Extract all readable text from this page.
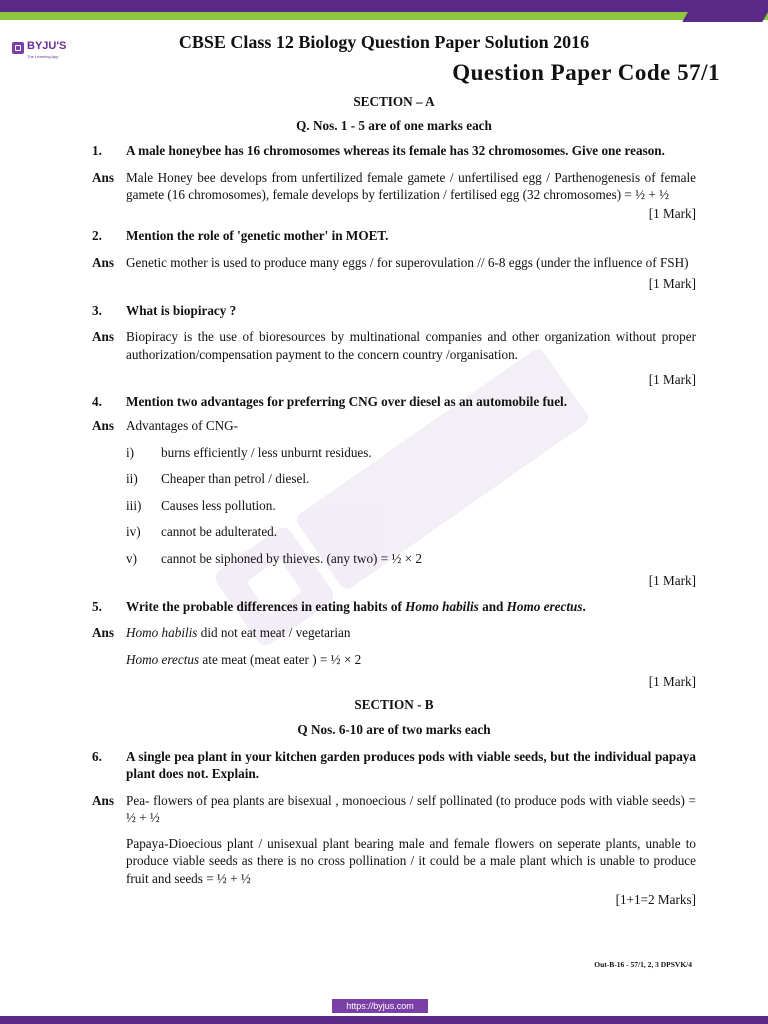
BYJU'S
The Learning App
CBSE Class 12 Biology Question Paper Solution 2016
Question Paper Code 57/1
SECTION – A
Q. Nos. 1 - 5 are of one marks each
1.	A male honeybee has 16 chromosomes whereas its female has 32 chromosomes. Give one reason.
Ans Male Honey bee develops from unfertilized female gamete / unfertilised egg / Parthenogenesis of female gamete (16 chromosomes), female develops by fertilization / fertilised egg (32 chromosomes) = ½ + ½
[1 Mark]
2.	Mention the role of 'genetic mother' in MOET.
Ans Genetic mother is used to produce many eggs / for superovulation // 6-8 eggs (under the influence of FSH)
[1 Mark]
3.	What is biopiracy ?
Ans Biopiracy is the use of bioresources by multinational companies and other organization without proper authorization/compensation payment to the concern country /organisation.
[1 Mark]
4.	Mention two advantages for preferring CNG over diesel as an automobile fuel.
Ans Advantages of CNG-
i)	burns efficiently / less unburnt residues.
ii)	Cheaper than petrol / diesel.
iii)	Causes less pollution.
iv)	cannot be adulterated.
v)	cannot be siphoned by thieves. (any two) = ½ × 2
[1 Mark]
5.	Write the probable differences in eating habits of Homo habilis and Homo erectus.
Ans Homo habilis did not eat meat / vegetarian
Homo erectus ate meat (meat eater ) = ½ × 2
[1 Mark]
SECTION - B
Q Nos. 6-10 are of two marks each
6.	A single pea plant in your kitchen garden produces pods with viable seeds, but the individual papaya plant does not. Explain.
Ans Pea- flowers of pea plants are bisexual , monoecious / self pollinated (to produce pods with viable seeds) = ½ + ½
Papaya-Dioecious plant / unisexual plant bearing male and female flowers on seperate plants, unable to produce viable seeds as there is no cross pollination / it could be a male plant which is unable to produce fruit and seeds = ½ + ½
[1+1=2 Marks]
Out-B-16 - 57/1, 2, 3 DPSVK/4
https://byjus.com
